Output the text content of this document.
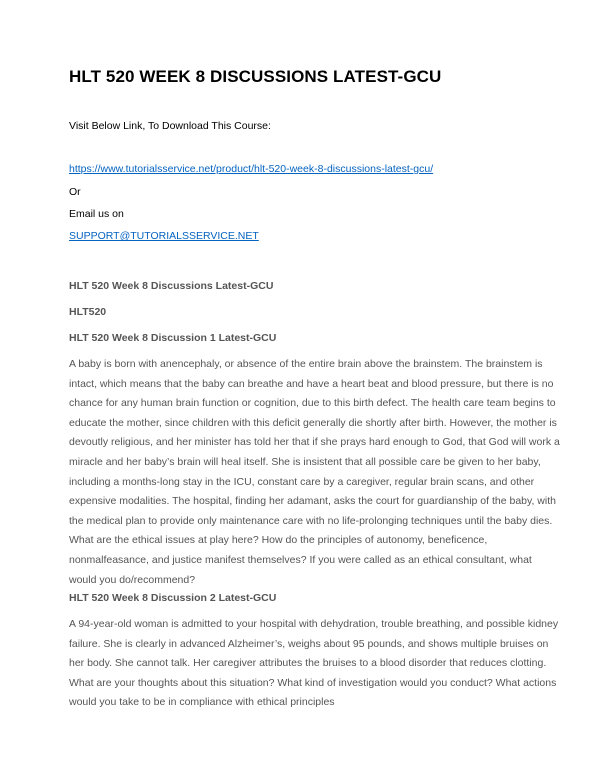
HLT 520 WEEK 8 DISCUSSIONS LATEST-GCU
Visit Below Link, To Download This Course:
https://www.tutorialsservice.net/product/hlt-520-week-8-discussions-latest-gcu/
Or
Email us on
SUPPORT@TUTORIALSSERVICE.NET
HLT 520 Week 8 Discussions Latest-GCU
HLT520
HLT 520 Week 8 Discussion 1 Latest-GCU
A baby is born with anencephaly, or absence of the entire brain above the brainstem. The brainstem is
intact, which means that the baby can breathe and have a heart beat and blood pressure, but there is no
chance for any human brain function or cognition, due to this birth defect. The health care team begins to
educate the mother, since children with this deficit generally die shortly after birth. However, the mother is
devoutly religious, and her minister has told her that if she prays hard enough to God, that God will work a
miracle and her baby’s brain will heal itself. She is insistent that all possible care be given to her baby,
including a months-long stay in the ICU, constant care by a caregiver, regular brain scans, and other
expensive modalities. The hospital, finding her adamant, asks the court for guardianship of the baby, with
the medical plan to provide only maintenance care with no life-prolonging techniques until the baby dies.
What are the ethical issues at play here? How do the principles of autonomy, beneficence,
nonmalfeasance, and justice manifest themselves? If you were called as an ethical consultant, what
would you do/recommend?
HLT 520 Week 8 Discussion 2 Latest-GCU
A 94-year-old woman is admitted to your hospital with dehydration, trouble breathing, and possible kidney
failure. She is clearly in advanced Alzheimer’s, weighs about 95 pounds, and shows multiple bruises on
her body. She cannot talk. Her caregiver attributes the bruises to a blood disorder that reduces clotting.
What are your thoughts about this situation? What kind of investigation would you conduct? What actions
would you take to be in compliance with ethical principles
